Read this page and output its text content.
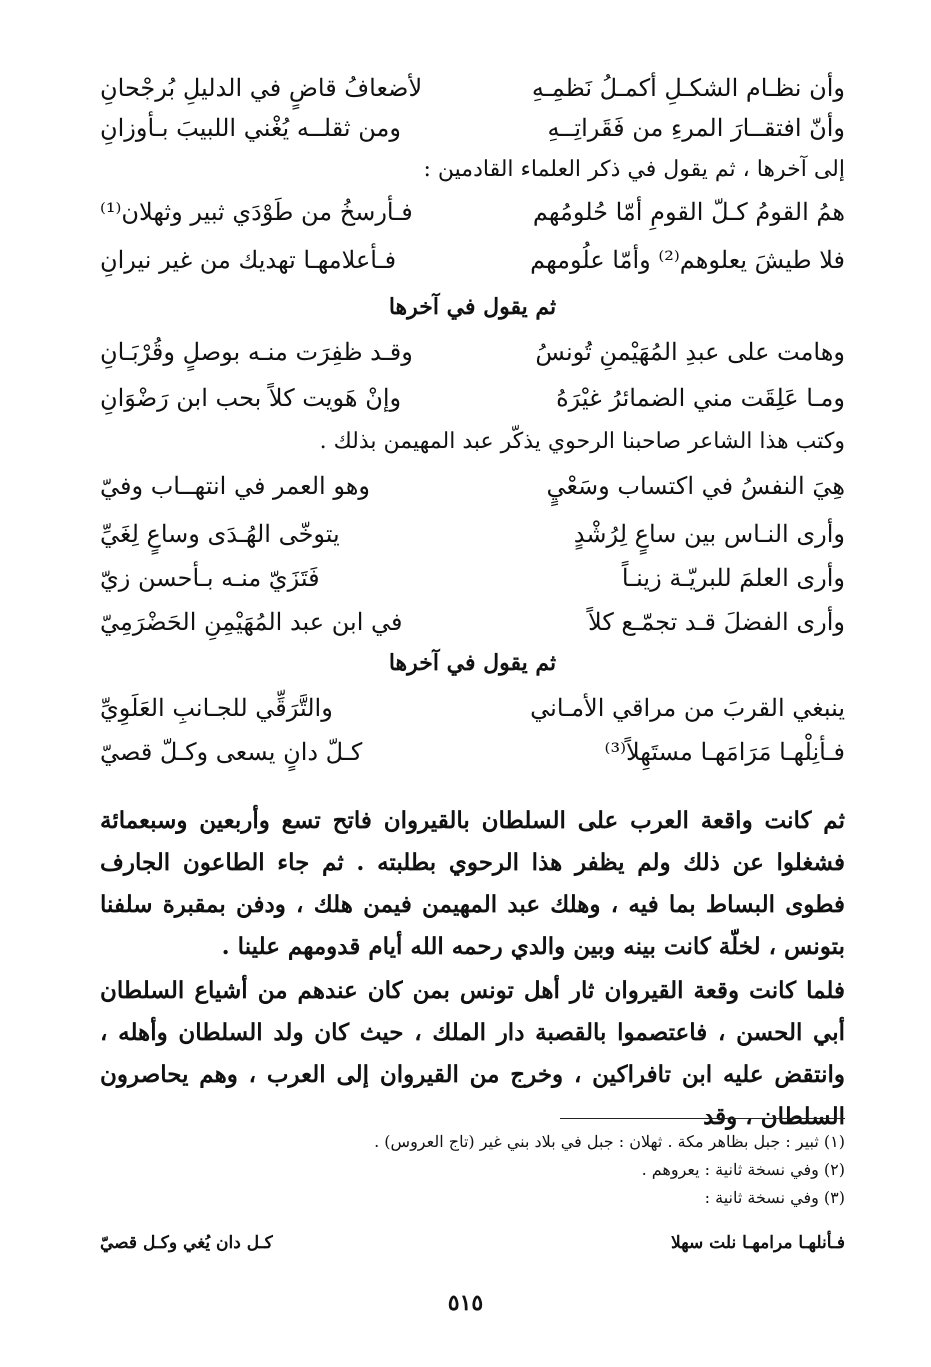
وأن نظـام الشكـلِ أكمـلُ نَظمِـهِ
لأضعافُ قاضٍ في الدليلِ بُرجْحانِ
وأنّ افتقــارَ المرءِ من فَقَراتِــهِ
ومن ثقلــه يُغْني اللبيبَ بـأوزانِ
إلى آخرها ، ثم يقول في ذكر العلماء القادمين :
همُ القومُ كـلّ القومِ أمّا حُلومُهم
فـأرسخُ من طَوْدَي ثبير وثهلان⁽¹⁾
فلا طيشَ يعلوهم⁽²⁾ وأمّا علُومهم
فـأعلامهـا تهديك من غير نيرانِ
ثم يقول في آخرها
وهامت على عبدِ المُهَيْمنِ تُونسُ
وقـد ظفِرَت منـه بوصلٍ وقُرْبَـانِ
ومـا عَلِقَت مني الضمائرُ غيْرَهُ
وإنْ هَويت كلاً بحب ابن رَضْوَانِ
وكتب هذا الشاعر صاحبنا الرحوي يذكّر عبد المهيمن بذلك .
هِيَ النفسُ في اكتساب وسَعْيٍ
وهو العمر في انتهــاب وفيّ
وأرى النـاس بين ساعٍ لِرُشْدٍ
يتوخّى الهُـدَى وساعٍ لِغَيِّ
وأرى العلمَ للبريّـة زينـاً
فَتَزَيّ منـه بـأحسن زيّ
وأرى الفضلَ قـد تجمّـع كلاً
في ابن عبد المُهَيْمِنِ الحَضْرَمِيّ
ثم يقول في آخرها
ينبغي القربَ من مراقي الأمـاني
والتَّرَقِّي للجـانبِ العَلَوِيِّ
فـأنِلْهـا مَرَامَهـا مستَهِلاً⁽³⁾
كـلّ دانٍ يسعى وكـلّ قصيّ

ثم كانت واقعة العرب على السلطان بالقيروان فاتح تسع وأربعين وسبعمائة فشغلوا عن ذلك ولم يظفر هذا الرحوي بطلبته . ثم جاء الطاعون الجارف فطوى البساط بما فيه ، وهلك عبد المهيمن فيمن هلك ، ودفن بمقبرة سلفنا بتونس ، لخلّة كانت بينه وبين والدي رحمه الله أيام قدومهم علينا .

فلما كانت وقعة القيروان ثار أهل تونس بمن كان عندهم من أشياع السلطان أبي الحسن ، فاعتصموا بالقصبة دار الملك ، حيث كان ولد السلطان وأهله ، وانتقض عليه ابن تافراكين ، وخرج من القيروان إلى العرب ، وهم يحاصرون السلطان ، وقد

(١) ثبير : جبل بظاهر مكة . ثهلان : جبل في بلاد بني غير (تاج العروس) .
(٢) وفي نسخة ثانية : يعروهم .
(٣) وفي نسخة ثانية :
فـأنلهـا مرامهـا نلت سهلا
كـل دان يُغي وكـل قصيّ
٥١٥
